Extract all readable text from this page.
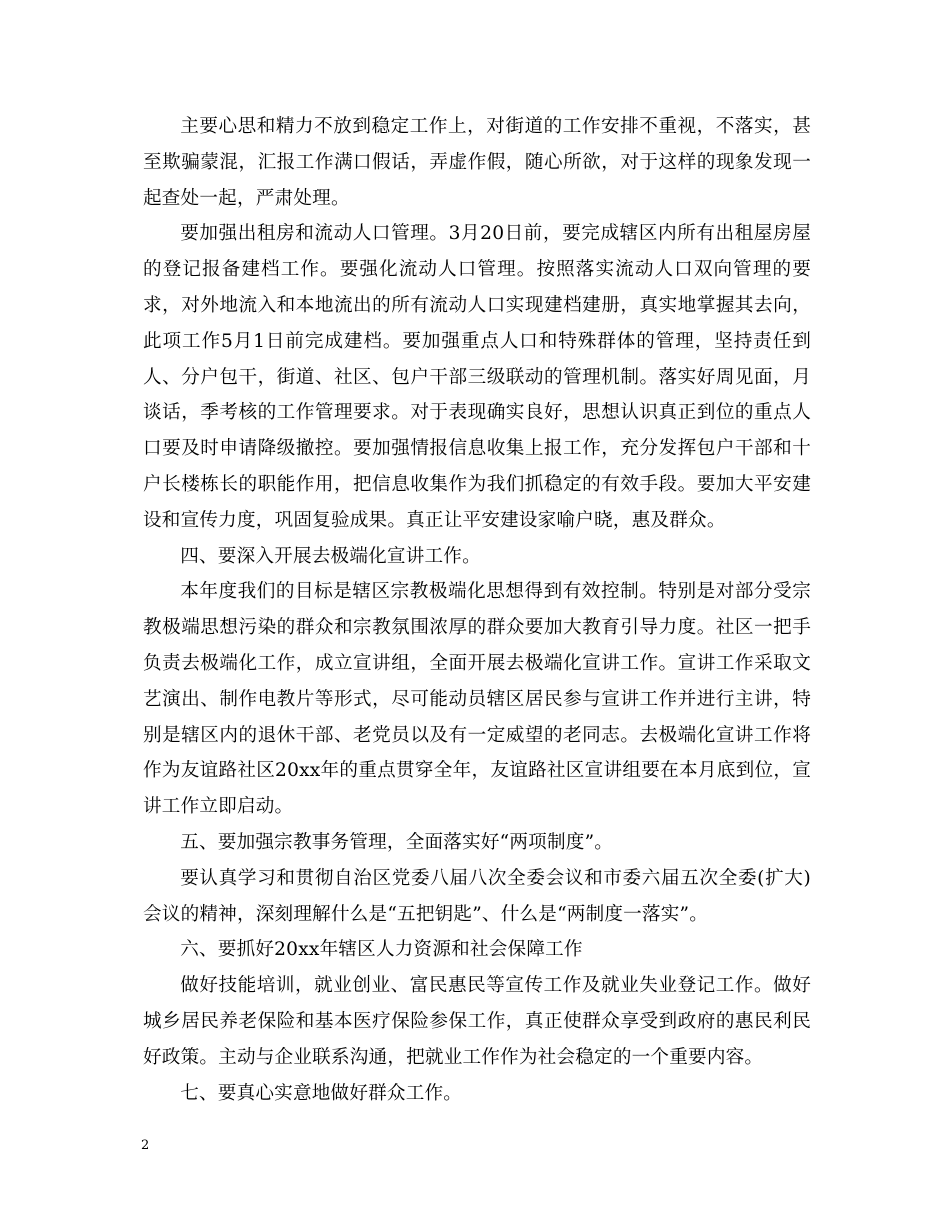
主要心思和精力不放到稳定工作上，对街道的工作安排不重视，不落实，甚至欺骗蒙混，汇报工作满口假话，弄虚作假，随心所欲，对于这样的现象发现一起查处一起，严肃处理。

要加强出租房和流动人口管理。3月20日前，要完成辖区内所有出租屋房屋的登记报备建档工作。要强化流动人口管理。按照落实流动人口双向管理的要求，对外地流入和本地流出的所有流动人口实现建档建册，真实地掌握其去向，此项工作5月1日前完成建档。要加强重点人口和特殊群体的管理，坚持责任到人、分户包干，街道、社区、包户干部三级联动的管理机制。落实好周见面，月谈话，季考核的工作管理要求。对于表现确实良好，思想认识真正到位的重点人口要及时申请降级撤控。要加强情报信息收集上报工作，充分发挥包户干部和十户长楼栋长的职能作用，把信息收集作为我们抓稳定的有效手段。要加大平安建设和宣传力度，巩固复验成果。真正让平安建设家喻户晓，惠及群众。

四、要深入开展去极端化宣讲工作。

本年度我们的目标是辖区宗教极端化思想得到有效控制。特别是对部分受宗教极端思想污染的群众和宗教氛围浓厚的群众要加大教育引导力度。社区一把手负责去极端化工作，成立宣讲组，全面开展去极端化宣讲工作。宣讲工作采取文艺演出、制作电教片等形式，尽可能动员辖区居民参与宣讲工作并进行主讲，特别是辖区内的退休干部、老党员以及有一定威望的老同志。去极端化宣讲工作将作为友谊路社区20xx年的重点贯穿全年，友谊路社区宣讲组要在本月底到位，宣讲工作立即启动。

五、要加强宗教事务管理，全面落实好“两项制度”。

要认真学习和贯彻自治区党委八届八次全委会议和市委六届五次全委(扩大)会议的精神，深刻理解什么是“五把钥匙”、什么是“两制度一落实”。

六、要抓好20xx年辖区人力资源和社会保障工作

做好技能培训，就业创业、富民惠民等宣传工作及就业失业登记工作。做好城乡居民养老保险和基本医疗保险参保工作，真正使群众享受到政府的惠民利民好政策。主动与企业联系沟通，把就业工作作为社会稳定的一个重要内容。

七、要真心实意地做好群众工作。

2
